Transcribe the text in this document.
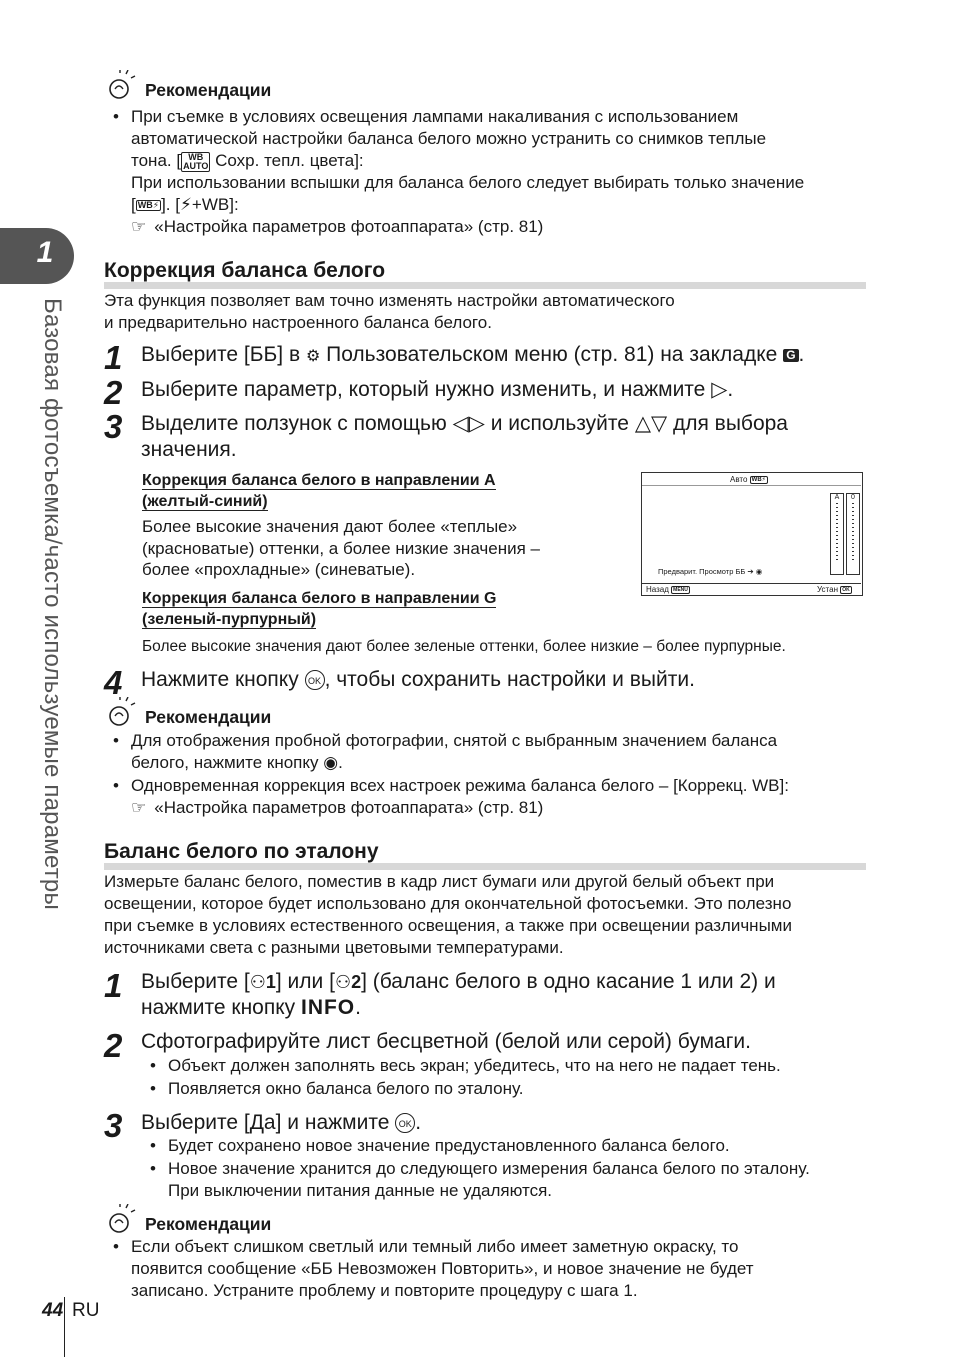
1
Базовая фотосъемка/часто используемые параметры
Рекомендации
• При съемке в условиях освещения лампами накаливания с использованием
автоматической настройки баланса белого можно устранить со снимков теплые
тона. [ WB
AUTO Сохр. тепл. цвета]:
При использовании вспышки для баланса белого следует выбирать только значение
[ WB⚡ ]. [⚡+WB]:
☞ «Настройка параметров фотоаппарата» (стр. 81)
Коррекция баланса белого
Эта функция позволяет вам точно изменять настройки автоматического
и предварительно настроенного баланса белого.
1 Выберите [ББ] в ⚙ Пользовательском меню (стр. 81) на закладке G .
2 Выберите параметр, который нужно изменить, и нажмите ▷.
3 Выделите ползунок с помощью ◁▷ и используйте △▽ для выбора
значения.
Коррекция баланса белого в направлении A
(желтый-синий)
Более высокие значения дают более «теплые»
(красноватые) оттенки, а более низкие значения –
более «прохладные» (синеватые).
Коррекция баланса белого в направлении G
(зеленый-пурпурный)
Более высокие значения дают более зеленые оттенки, более низкие – более пурпурные.
Авто WB⚡
A	0
Предварит. Просмотр ББ ➔ ◉
Назад MENU	Устан OK
4 Нажмите кнопку OK , чтобы сохранить настройки и выйти.
Рекомендации
• Для отображения пробной фотографии, снятой с выбранным значением баланса
белого, нажмите кнопку ◉.
• Одновременная коррекция всех настроек режима баланса белого – [Коррекц. WB]:
☞ «Настройка параметров фотоаппарата» (стр. 81)
Баланс белого по эталону
Измерьте баланс белого, поместив в кадр лист бумаги или другой белый объект при
освещении, которое будет использовано для окончательной фотосъемки. Это полезно
при съемке в условиях естественного освещения, а также при освещении различными
источниками света с разными цветовыми температурами.
1 Выберите [⚇1] или [⚇2] (баланс белого в одно касание 1 или 2) и
нажмите кнопку INFO.
2 Сфотографируйте лист бесцветной (белой или серой) бумаги.
• Объект должен заполнять весь экран; убедитесь, что на него не падает тень.
• Появляется окно баланса белого по эталону.
3 Выберите [Да] и нажмите OK .
• Будет сохранено новое значение предустановленного баланса белого.
• Новое значение хранится до следующего измерения баланса белого по эталону.
При выключении питания данные не удаляются.
Рекомендации
• Если объект слишком светлый или темный либо имеет заметную окраску, то
появится сообщение «ББ Невозможен Повторить», и новое значение не будет
записано. Устраните проблему и повторите процедуру с шага 1.
44 RU
